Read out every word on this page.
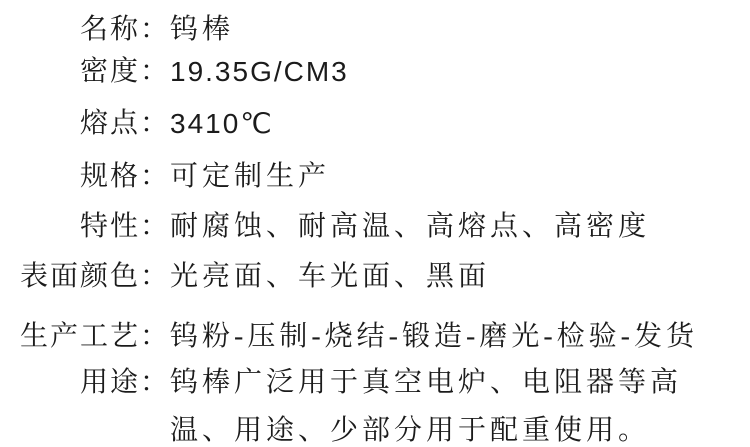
名称： 钨棒
密度： 19.35G/CM3
熔点： 3410℃
规格： 可定制生产
特性： 耐腐蚀、耐高温、高熔点、高密度
表面颜色： 光亮面、车光面、黑面
生产工艺： 钨粉-压制-烧结-锻造-磨光-检验-发货
用途： 钨棒广泛用于真空电炉、电阻器等高温、用途、少部分用于配重使用。
